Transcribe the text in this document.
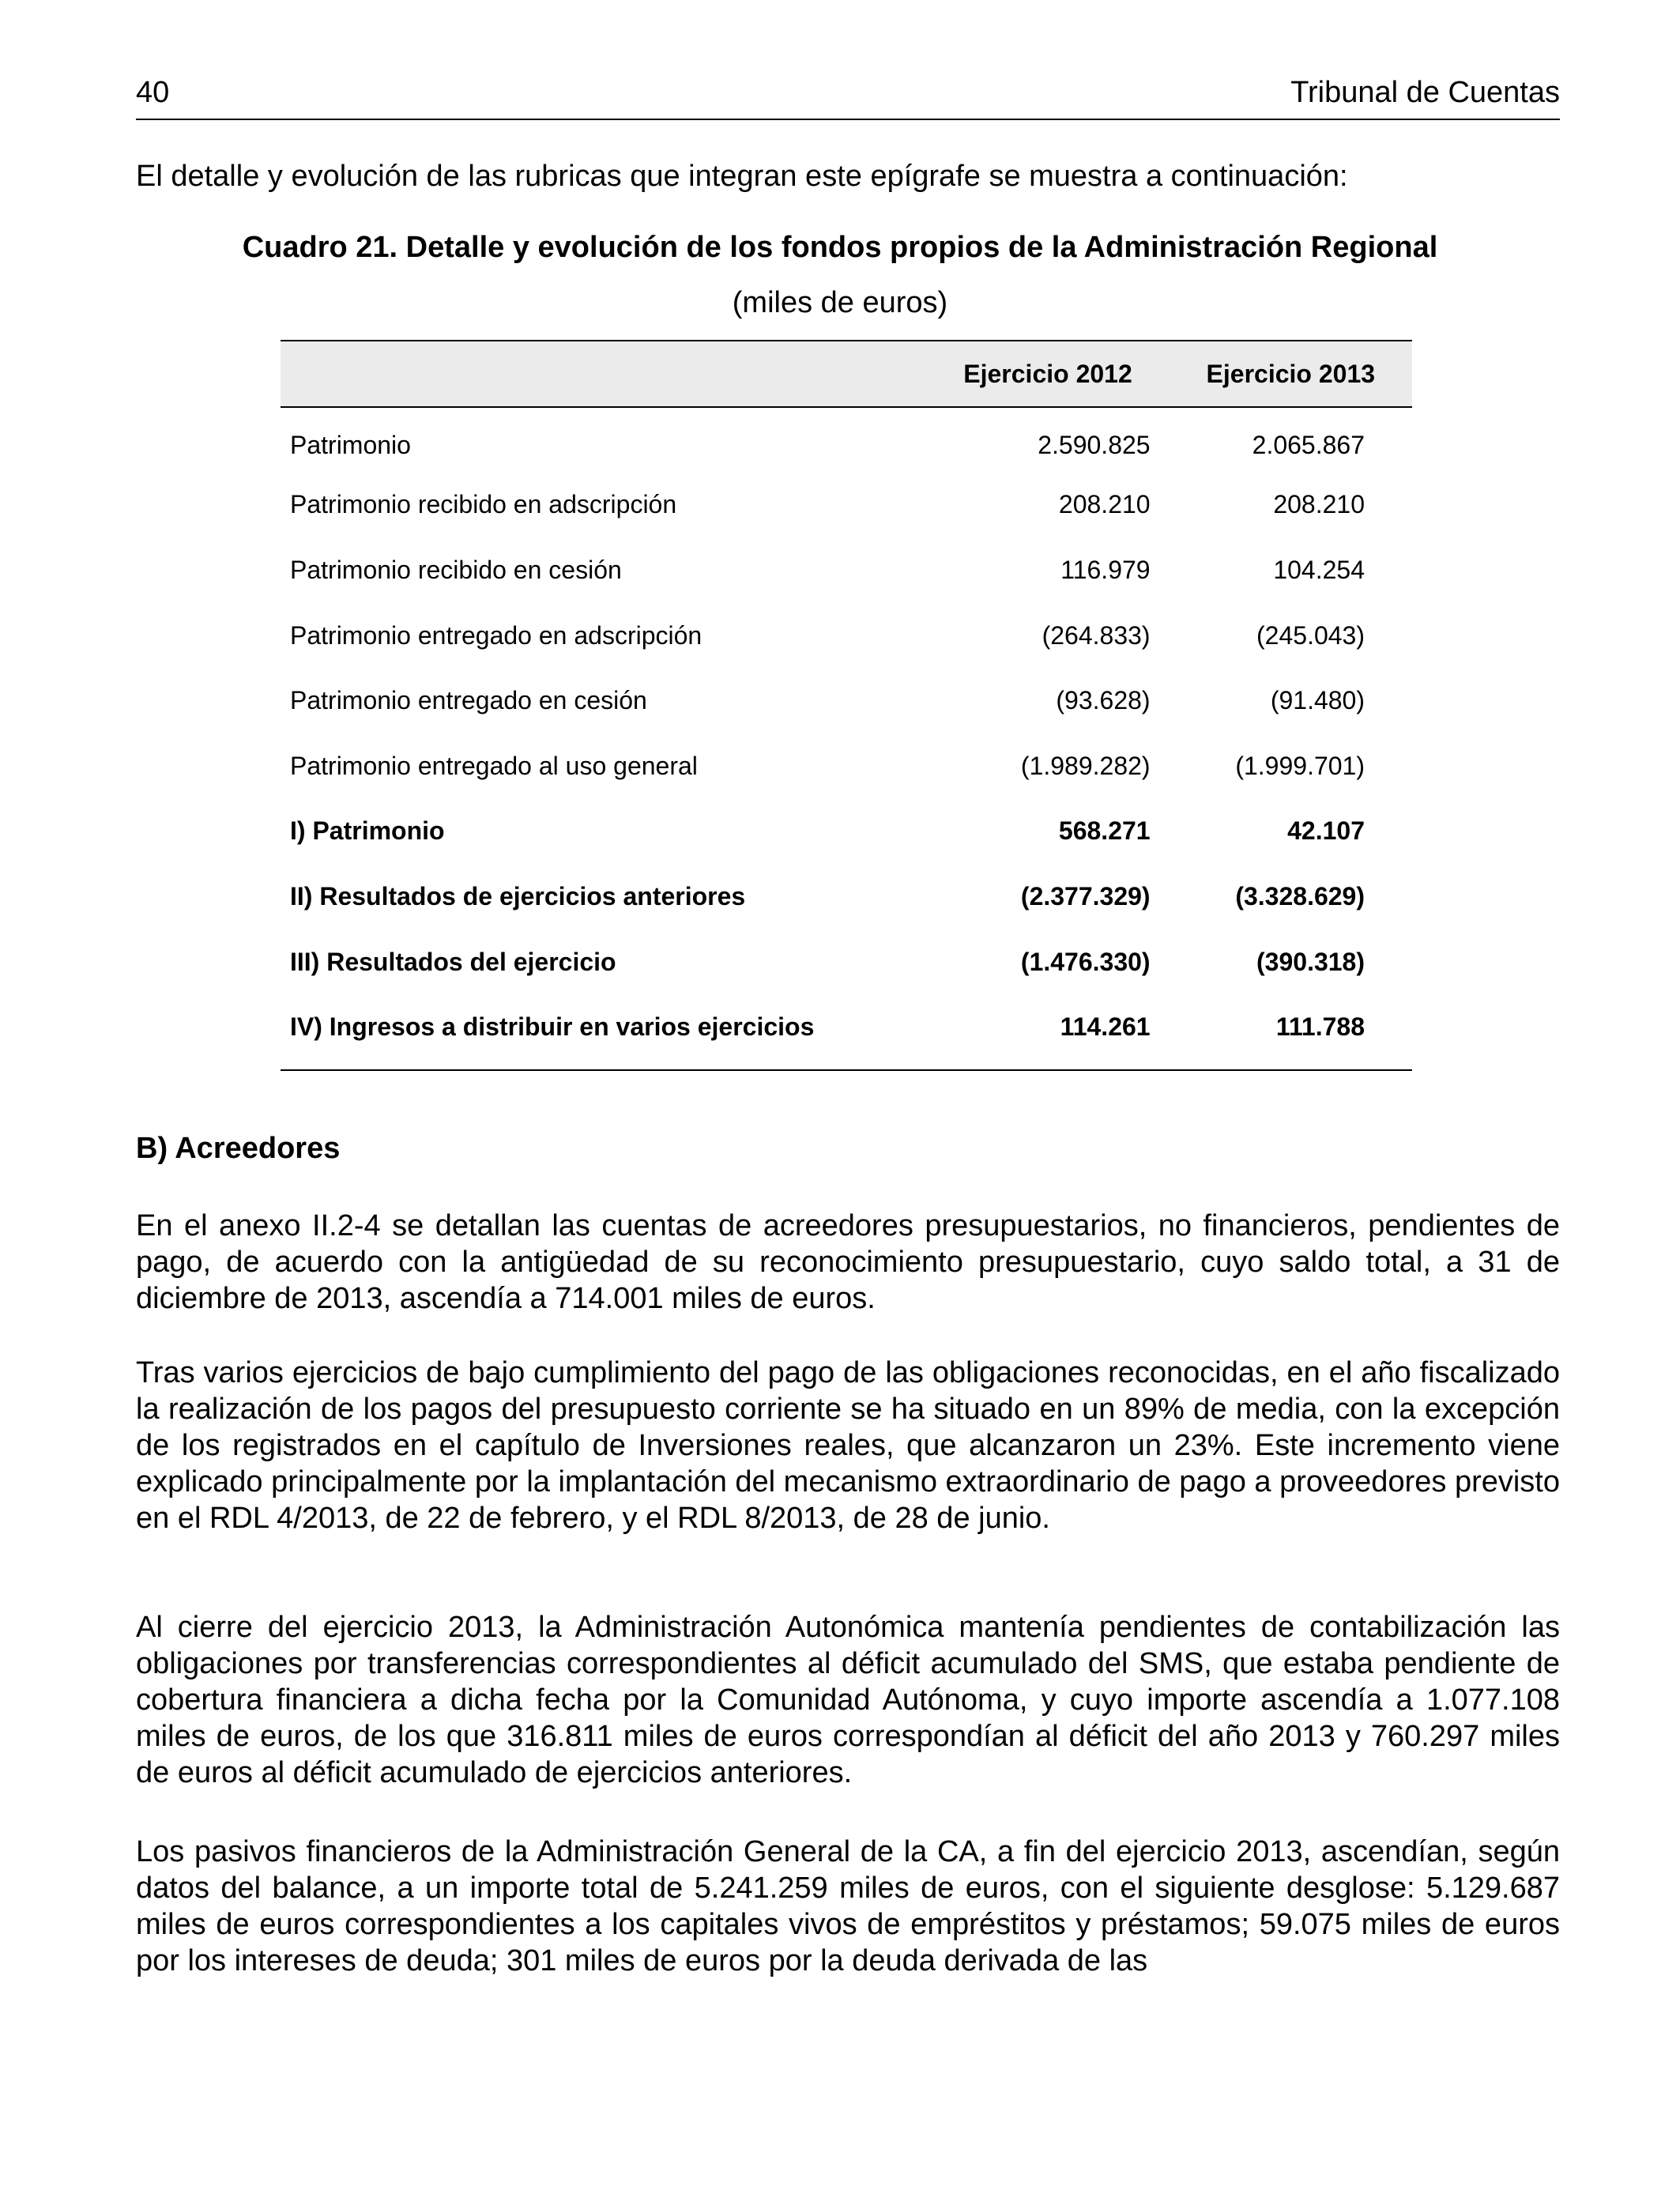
40	Tribunal de Cuentas
El detalle y evolución de las rubricas que integran este epígrafe se muestra a continuación:
Cuadro 21. Detalle y evolución de los fondos propios de la Administración Regional
(miles de euros)
	Ejercicio 2012	Ejercicio 2013
Patrimonio	2.590.825	2.065.867
Patrimonio recibido en adscripción	208.210	208.210
Patrimonio recibido en cesión	116.979	104.254
Patrimonio entregado en adscripción	(264.833)	(245.043)
Patrimonio entregado en cesión	(93.628)	(91.480)
Patrimonio entregado al uso general	(1.989.282)	(1.999.701)
I) Patrimonio	568.271	42.107
II) Resultados de ejercicios anteriores	(2.377.329)	(3.328.629)
III) Resultados del ejercicio	(1.476.330)	(390.318)
IV) Ingresos a distribuir en varios ejercicios	114.261	111.788
B) Acreedores

En el anexo II.2-4 se detallan las cuentas de acreedores presupuestarios, no financieros, pendientes de pago, de acuerdo con la antigüedad de su reconocimiento presupuestario, cuyo saldo total, a 31 de diciembre de 2013, ascendía a 714.001 miles de euros.

Tras varios ejercicios de bajo cumplimiento del pago de las obligaciones reconocidas, en el año fiscalizado la realización de los pagos del presupuesto corriente se ha situado en un 89% de media, con la excepción de los registrados en el capítulo de Inversiones reales, que alcanzaron un 23%. Este incremento viene explicado principalmente por la implantación del mecanismo extraordinario de pago a proveedores previsto en el RDL 4/2013, de 22 de febrero, y el RDL 8/2013, de 28 de junio.

Al cierre del ejercicio 2013, la Administración Autonómica mantenía pendientes de contabilización las obligaciones por transferencias correspondientes al déficit acumulado del SMS, que estaba pendiente de cobertura financiera a dicha fecha por la Comunidad Autónoma, y cuyo importe ascendía a 1.077.108 miles de euros, de los que 316.811 miles de euros correspondían al déficit del año 2013 y 760.297 miles de euros al déficit acumulado de ejercicios anteriores.

Los pasivos financieros de la Administración General de la CA, a fin del ejercicio 2013, ascendían, según datos del balance, a un importe total de 5.241.259 miles de euros, con el siguiente desglose: 5.129.687 miles de euros correspondientes a los capitales vivos de empréstitos y préstamos; 59.075 miles de euros por los intereses de deuda; 301 miles de euros por la deuda derivada de las
